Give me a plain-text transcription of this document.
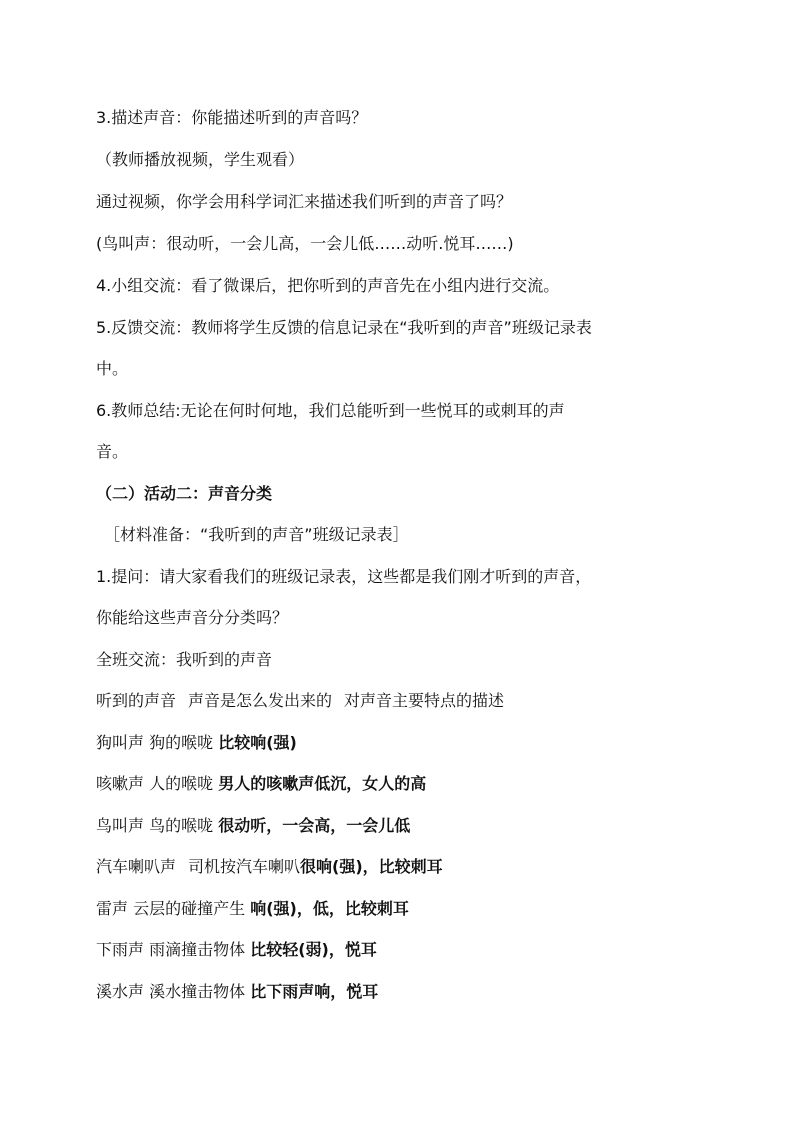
3.描述声音：你能描述听到的声音吗？
（教师播放视频，学生观看）
通过视频，你学会用科学词汇来描述我们听到的声音了吗？
(鸟叫声：很动听，一会儿高，一会儿低……动听.悦耳……)
4.小组交流：看了微课后，把你听到的声音先在小组内进行交流。
5.反馈交流：教师将学生反馈的信息记录在“我听到的声音”班级记录表
中。
6.教师总结:无论在何时何地，我们总能听到一些悦耳的或刺耳的声
音。
（二）活动二：声音分类
［材料准备：“我听到的声音”班级记录表］
1.提问：请大家看我们的班级记录表，这些都是我们刚才听到的声音，
你能给这些声音分分类吗？
全班交流：我听到的声音
听到的声音 声音是怎么发出来的 对声音主要特点的描述
狗叫声 狗的喉咙 比较响(强)
咳嗽声 人的喉咙 男人的咳嗽声低沉，女人的高
鸟叫声 鸟的喉咙 很动听，一会高，一会儿低
汽车喇叭声 司机按汽车喇叭很响(强)，比较刺耳
雷声 云层的碰撞产生 响(强)，低，比较刺耳
下雨声 雨滴撞击物体 比较轻(弱)，悦耳
溪水声 溪水撞击物体 比下雨声响，悦耳
